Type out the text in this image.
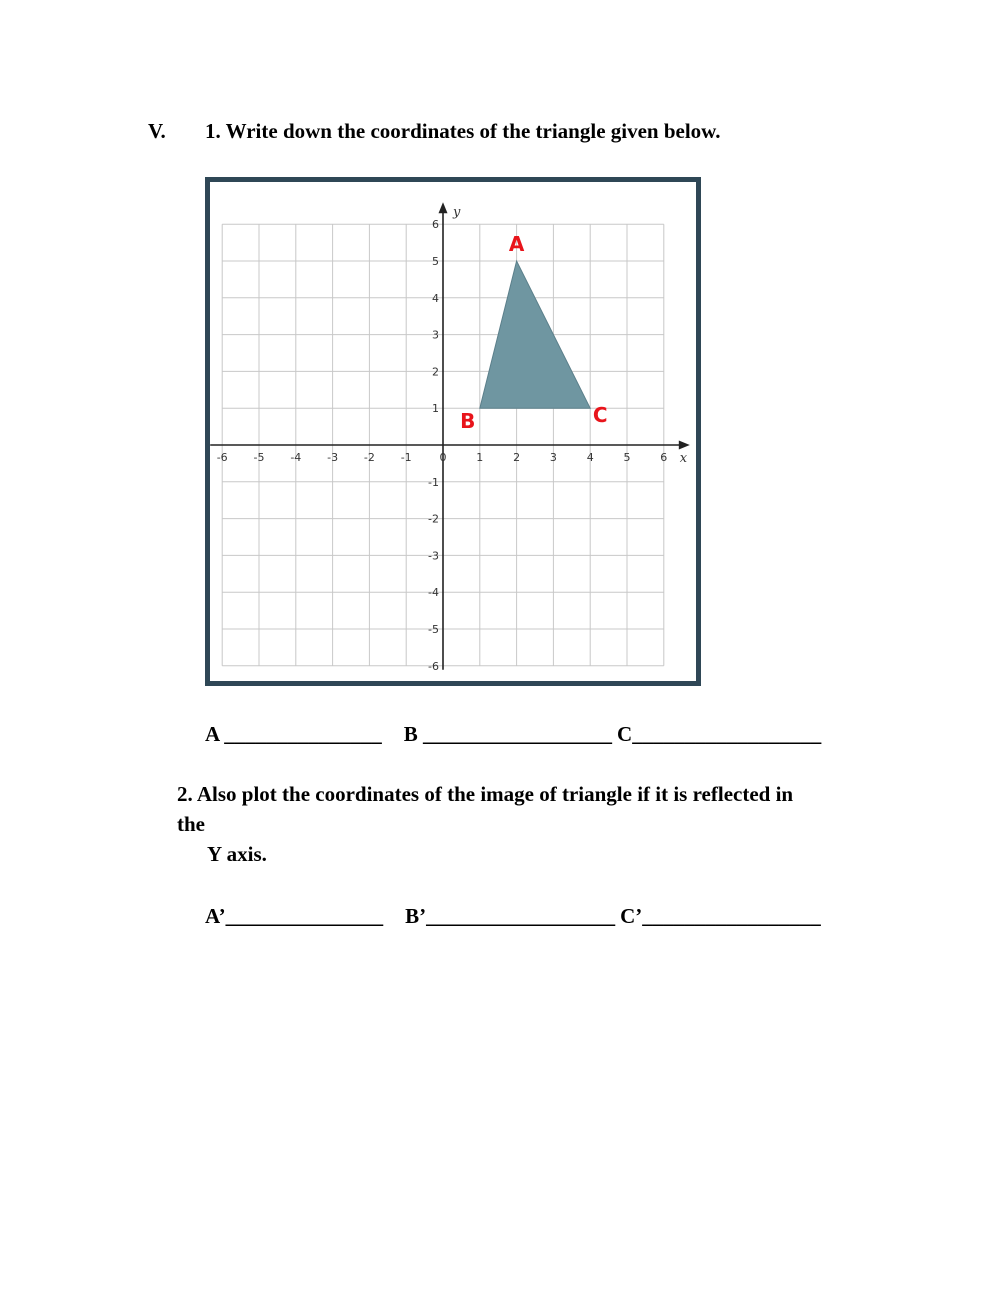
V. 1. Write down the coordinates of the triangle given below.
x
y
-6 -5 -4 -3 -2 -1	0	1	2	3	4	5	6
6
5
4
3
2
1
-1
-2
-3
-4
-5
-6
A
B	C
A _______________ B __________________ C__________________
2. Also plot the coordinates of the image of triangle if it is reflected in
the
Y axis.
A’_______________ B’__________________ C’_________________
